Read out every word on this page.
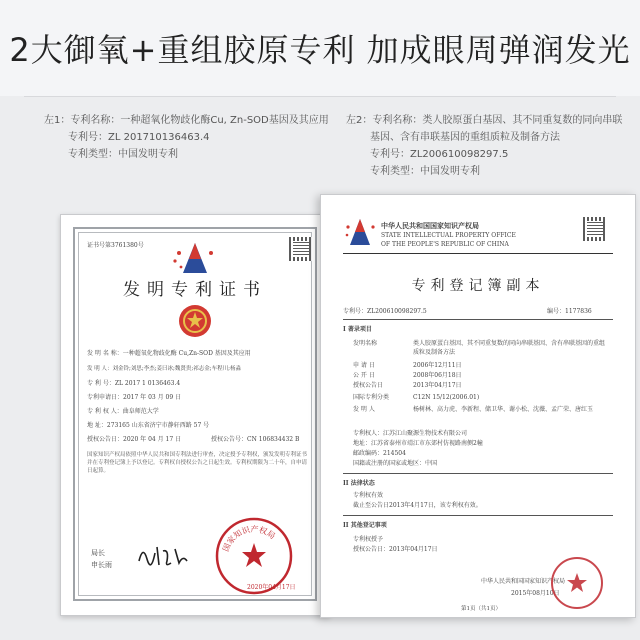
2大御氧+重组胶原专利 加成眼周弹润发光
左1：专利名称：一种超氧化物歧化酶Cu, Zn-SOD基因及其应用
专利号：ZL 201710136463.4
专利类型：中国发明专利
左2：专利名称：类人胶原蛋白基因、其不同重复数的同向串联
基因、含有串联基因的重组质粒及制备方法
专利号：ZL200610098297.5
专利类型：中国发明专利
证书号第3761380号
发明专利证书
发 明 名 称：一种超氧化物歧化酶 Cu,Zn-SOD 基因及其应用
发 明 人：刘金铃;刘思;李杰;姜曰冰;魏贤贵;祁志金;车程川;杨淼
专 利 号：ZL 2017 1 0136463.4
专利申请日：2017 年 03 月 09 日
专 利 权 人：曲阜师范大学
地 址：273165 山东省济宁市静轩西路 57 号
授权公告日：2020 年 04 月 17 日	授权公告号：CN 106834432 B
国家知识产权局依照中华人民共和国专利法进行审查，决定授予专利权，颁发发明专利证书并在专利登记簿上予以登记。专利权自授权公告之日起生效。专利权期限为二十年，自申请日起算。
局长
申长雨
国家知识产权局
2020年04月17日
中华人民共和国国家知识产权局
STATE INTELLECTUAL PROPERTY OFFICE
OF THE PEOPLE'S REPUBLIC OF CHINA
专利登记簿副本
专利号：ZL200610098297.5	编号：1177836
I 著录项目
发明名称	类人胶原蛋白基因、其不同重复数的同向串联基因、含有串联基因的重组质粒及制备方法
申 请 日	2006年12月11日
公 开 日	2008年06月18日
授权公告日	2013年04月17日
国际专利分类	C12N 15/12(2006.01)
发 明 人	杨树林、高力虎、李新程、储卫华、谢小松、沈薇、孟广荣、唐红玉
专利权人：江苏江山聚源生物技术有限公司
地址：江苏省泰州市靖江市东郊村仿视路南侧2幢
邮政编码：214504
国籍或注册的国家或地区：中国
II 法律状态
专利权有效
截止至公告日2013年4月17日，该专利权有效。
II 其他登记事项
专利权授予
授权公告日：2013年04月17日
中华人民共和国国家知识产权局
2015年08月10日
第1页（共1页）
